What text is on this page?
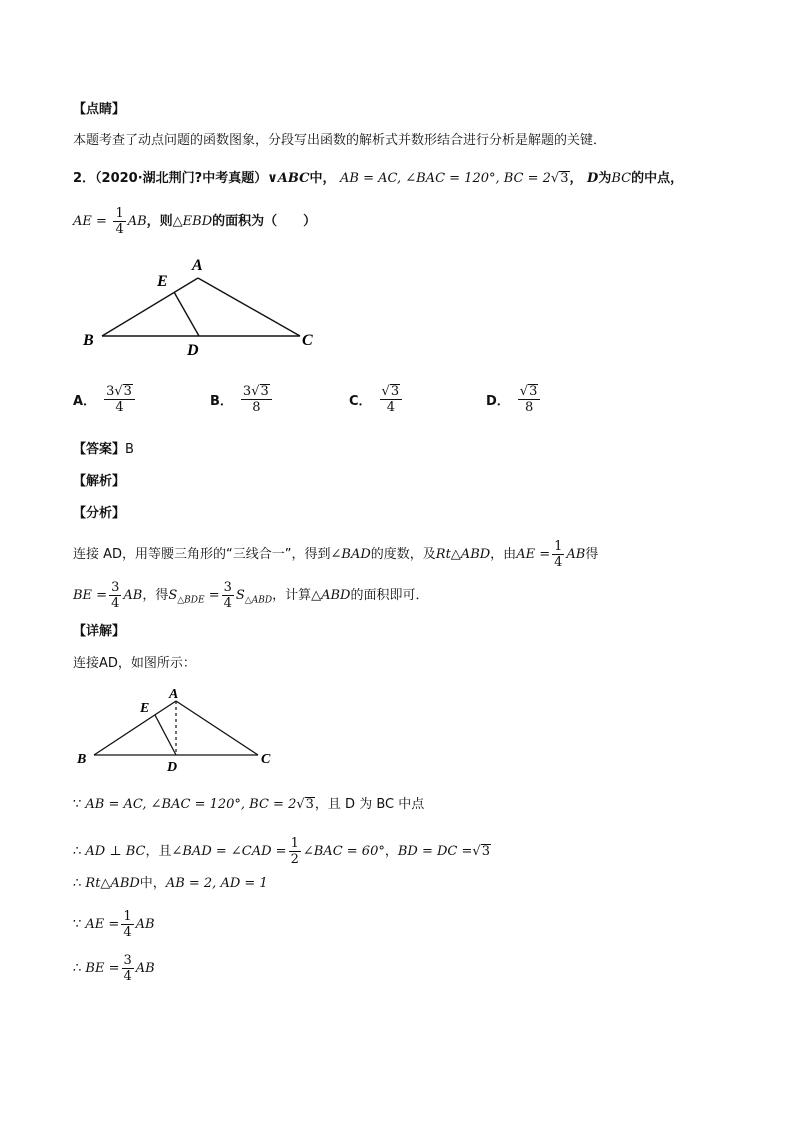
【点睛】
本题考查了动点问题的函数图象，分段写出函数的解析式并数形结合进行分析是解题的关键．
2．（2020·湖北荆门?中考真题）∨ABC中， AB = AC, ∠BAC = 120°, BC = 2√3， D为BC的中点，
AE = $\frac{1}{4}$ AB，则△EBD的面积为（　　）
A
E
B
D
C
A． $\frac{3√3}{4}$	B． $\frac{3√3}{8}$	C． $\frac{√3}{4}$	D． $\frac{√3}{8}$
【答案】B
【解析】
【分析】
连接 AD，用等腰三角形的“三线合一”，得到∠BAD的度数，及Rt△ABD，由AE = $\frac{1}{4}$ AB得
BE = $\frac{3}{4}$ AB，得$S_{\triangle BDE} = \frac{3}{4} S_{\triangle ABD}$，计算△ABD的面积即可．
【详解】
连接AD，如图所示：
A
E
B
D
C
∵ AB = AC, ∠BAC = 120°, BC = 2√3，且 D 为 BC 中点
∴ AD ⊥ BC，且∠BAD = ∠CAD = $\frac{1}{2}$ ∠BAC = 60°，BD = DC =√3
∴ Rt△ABD中，AB = 2, AD = 1
∵ AE = $\frac{1}{4}$ AB
∴ BE = $\frac{3}{4}$ AB
